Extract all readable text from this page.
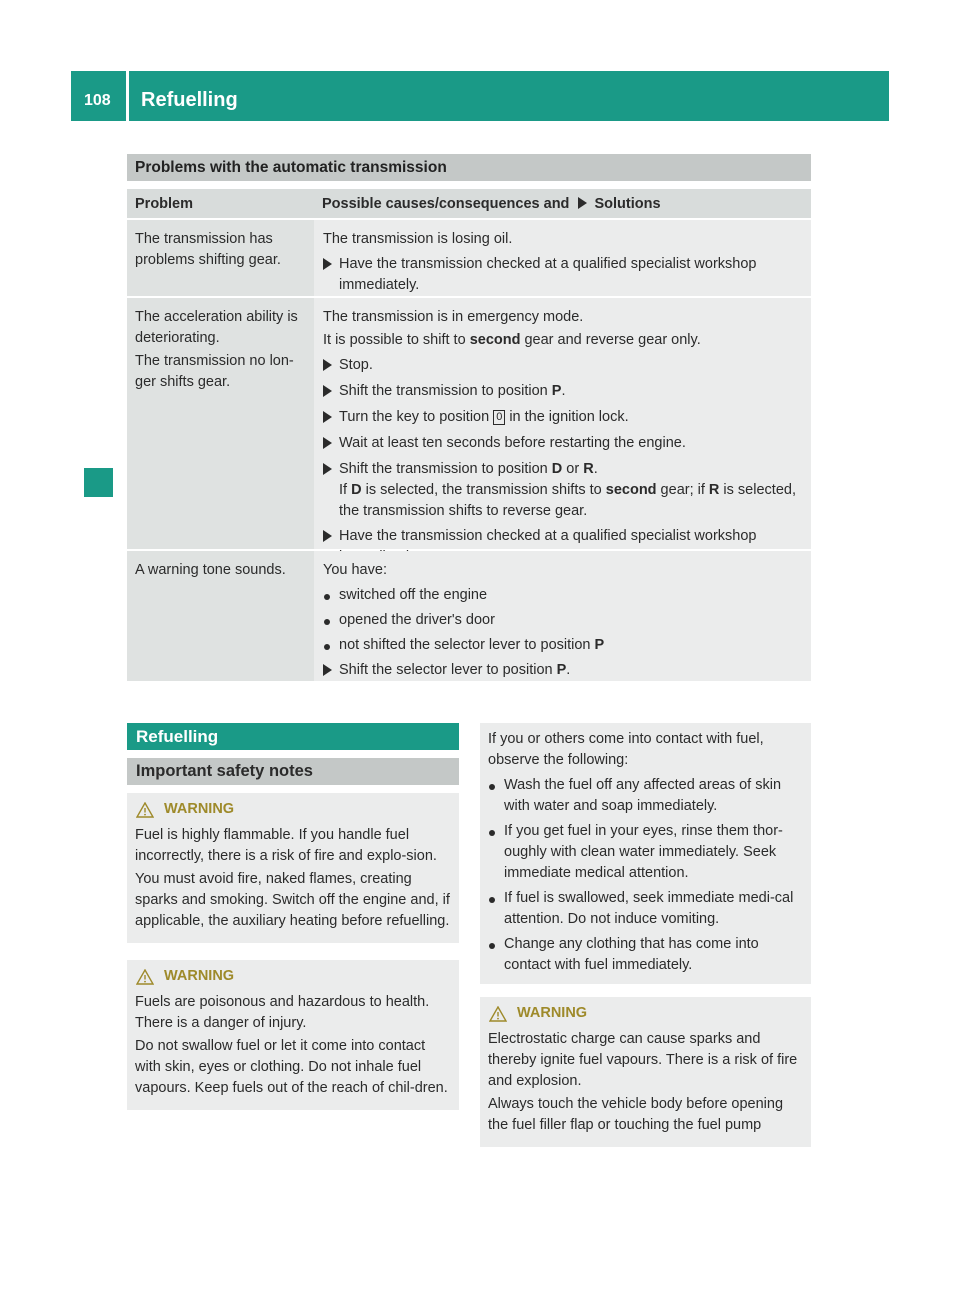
108 Refuelling
Problems with the automatic transmission
Problem	Possible causes/consequences and Solutions

The transmission has problems shifting gear.

The transmission is losing oil.

Have the transmission checked at a qualified specialist workshop immediately.

The acceleration ability is deteriorating.

The transmission no lon-ger shifts gear.

The transmission is in emergency mode.

It is possible to shift to second gear and reverse gear only.

Stop.
Shift the transmission to position P.
Turn the key to position 0 in the ignition lock.
Wait at least ten seconds before restarting the engine.
Shift the transmission to position D or R.
If D is selected, the transmission shifts to second gear; if R is selected, the transmission shifts to reverse gear.
Have the transmission checked at a qualified specialist workshop

A warning tone sounds.	You have:

switched off the engine
opened the driver's door
not shifted the selector lever to position P
Shift the selector lever to position P.
Refuelling
Important safety notes
WARNING

Fuel is highly flammable. If you handle fuel incorrectly, there is a risk of fire and explo-sion.

You must avoid fire, naked flames, creating sparks and smoking. Switch off the engine and, if applicable, the auxiliary heating before refuelling.

WARNING

Fuels are poisonous and hazardous to health. There is a danger of injury.

Do not swallow fuel or let it come into contact with skin, eyes or clothing. Do not inhale fuel vapours. Keep fuels out of the reach of chil-dren.

If you or others come into contact with fuel, observe the following:

Wash the fuel off any affected areas of skin with water and soap immediately.
If you get fuel in your eyes, rinse them thor-oughly with clean water immediately. Seek immediate medical attention.
If fuel is swallowed, seek immediate medi-cal attention. Do not induce vomiting.
Change any clothing that has come into contact with fuel immediately.
WARNING

Electrostatic charge can cause sparks and thereby ignite fuel vapours. There is a risk of fire and explosion.

Always touch the vehicle body before opening the fuel filler flap or touching the fuel pump
